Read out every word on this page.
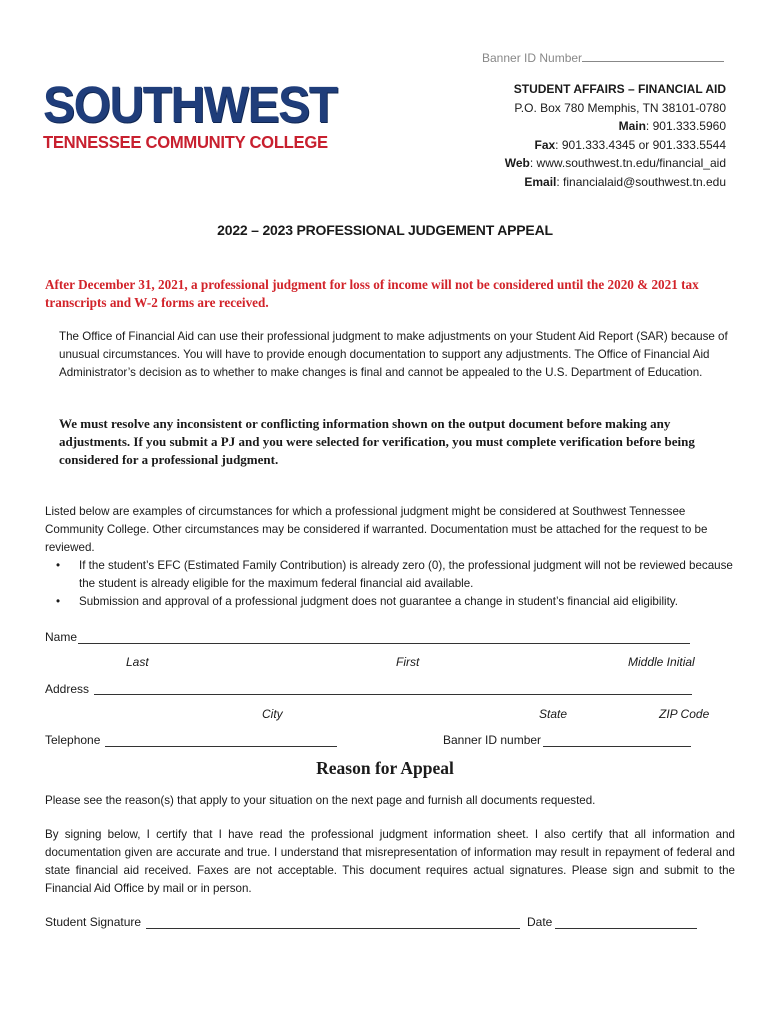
Banner ID Number
SOUTHWEST
TENNESSEE COMMUNITY COLLEGE
STUDENT AFFAIRS – FINANCIAL AID
P.O. Box 780 Memphis, TN 38101-0780
Main: 901.333.5960
Fax: 901.333.4345 or 901.333.5544
Web: www.southwest.tn.edu/financial_aid
Email: financialaid@southwest.tn.edu
2022 – 2023 PROFESSIONAL JUDGEMENT APPEAL
After December 31, 2021, a professional judgment for loss of income will not be considered until the 2020 & 2021 tax transcripts and W-2 forms are received.
The Office of Financial Aid can use their professional judgment to make adjustments on your Student Aid Report (SAR) because of unusual circumstances. You will have to provide enough documentation to support any adjustments. The Office of Financial Aid Administrator’s decision as to whether to make changes is final and cannot be appealed to the U.S. Department of Education.
We must resolve any inconsistent or conflicting information shown on the output document before making any adjustments. If you submit a PJ and you were selected for verification, you must complete verification before being considered for a professional judgment.
Listed below are examples of circumstances for which a professional judgment might be considered at Southwest Tennessee Community College. Other circumstances may be considered if warranted. Documentation must be attached for the request to be reviewed.
• If the student’s EFC (Estimated Family Contribution) is already zero (0), the professional judgment will not be reviewed because the student is already eligible for the maximum federal financial aid available.
• Submission and approval of a professional judgment does not guarantee a change in student’s financial aid eligibility.
Name
Last	First	Middle Initial
Address
City	State	ZIP Code
Telephone	Banner ID number
Reason for Appeal
Please see the reason(s) that apply to your situation on the next page and furnish all documents requested.
By signing below, I certify that I have read the professional judgment information sheet. I also certify that all information and documentation given are accurate and true. I understand that misrepresentation of information may result in repayment of federal and state financial aid received. Faxes are not acceptable. This document requires actual signatures. Please sign and submit to the Financial Aid Office by mail or in person.
Student Signature	Date
